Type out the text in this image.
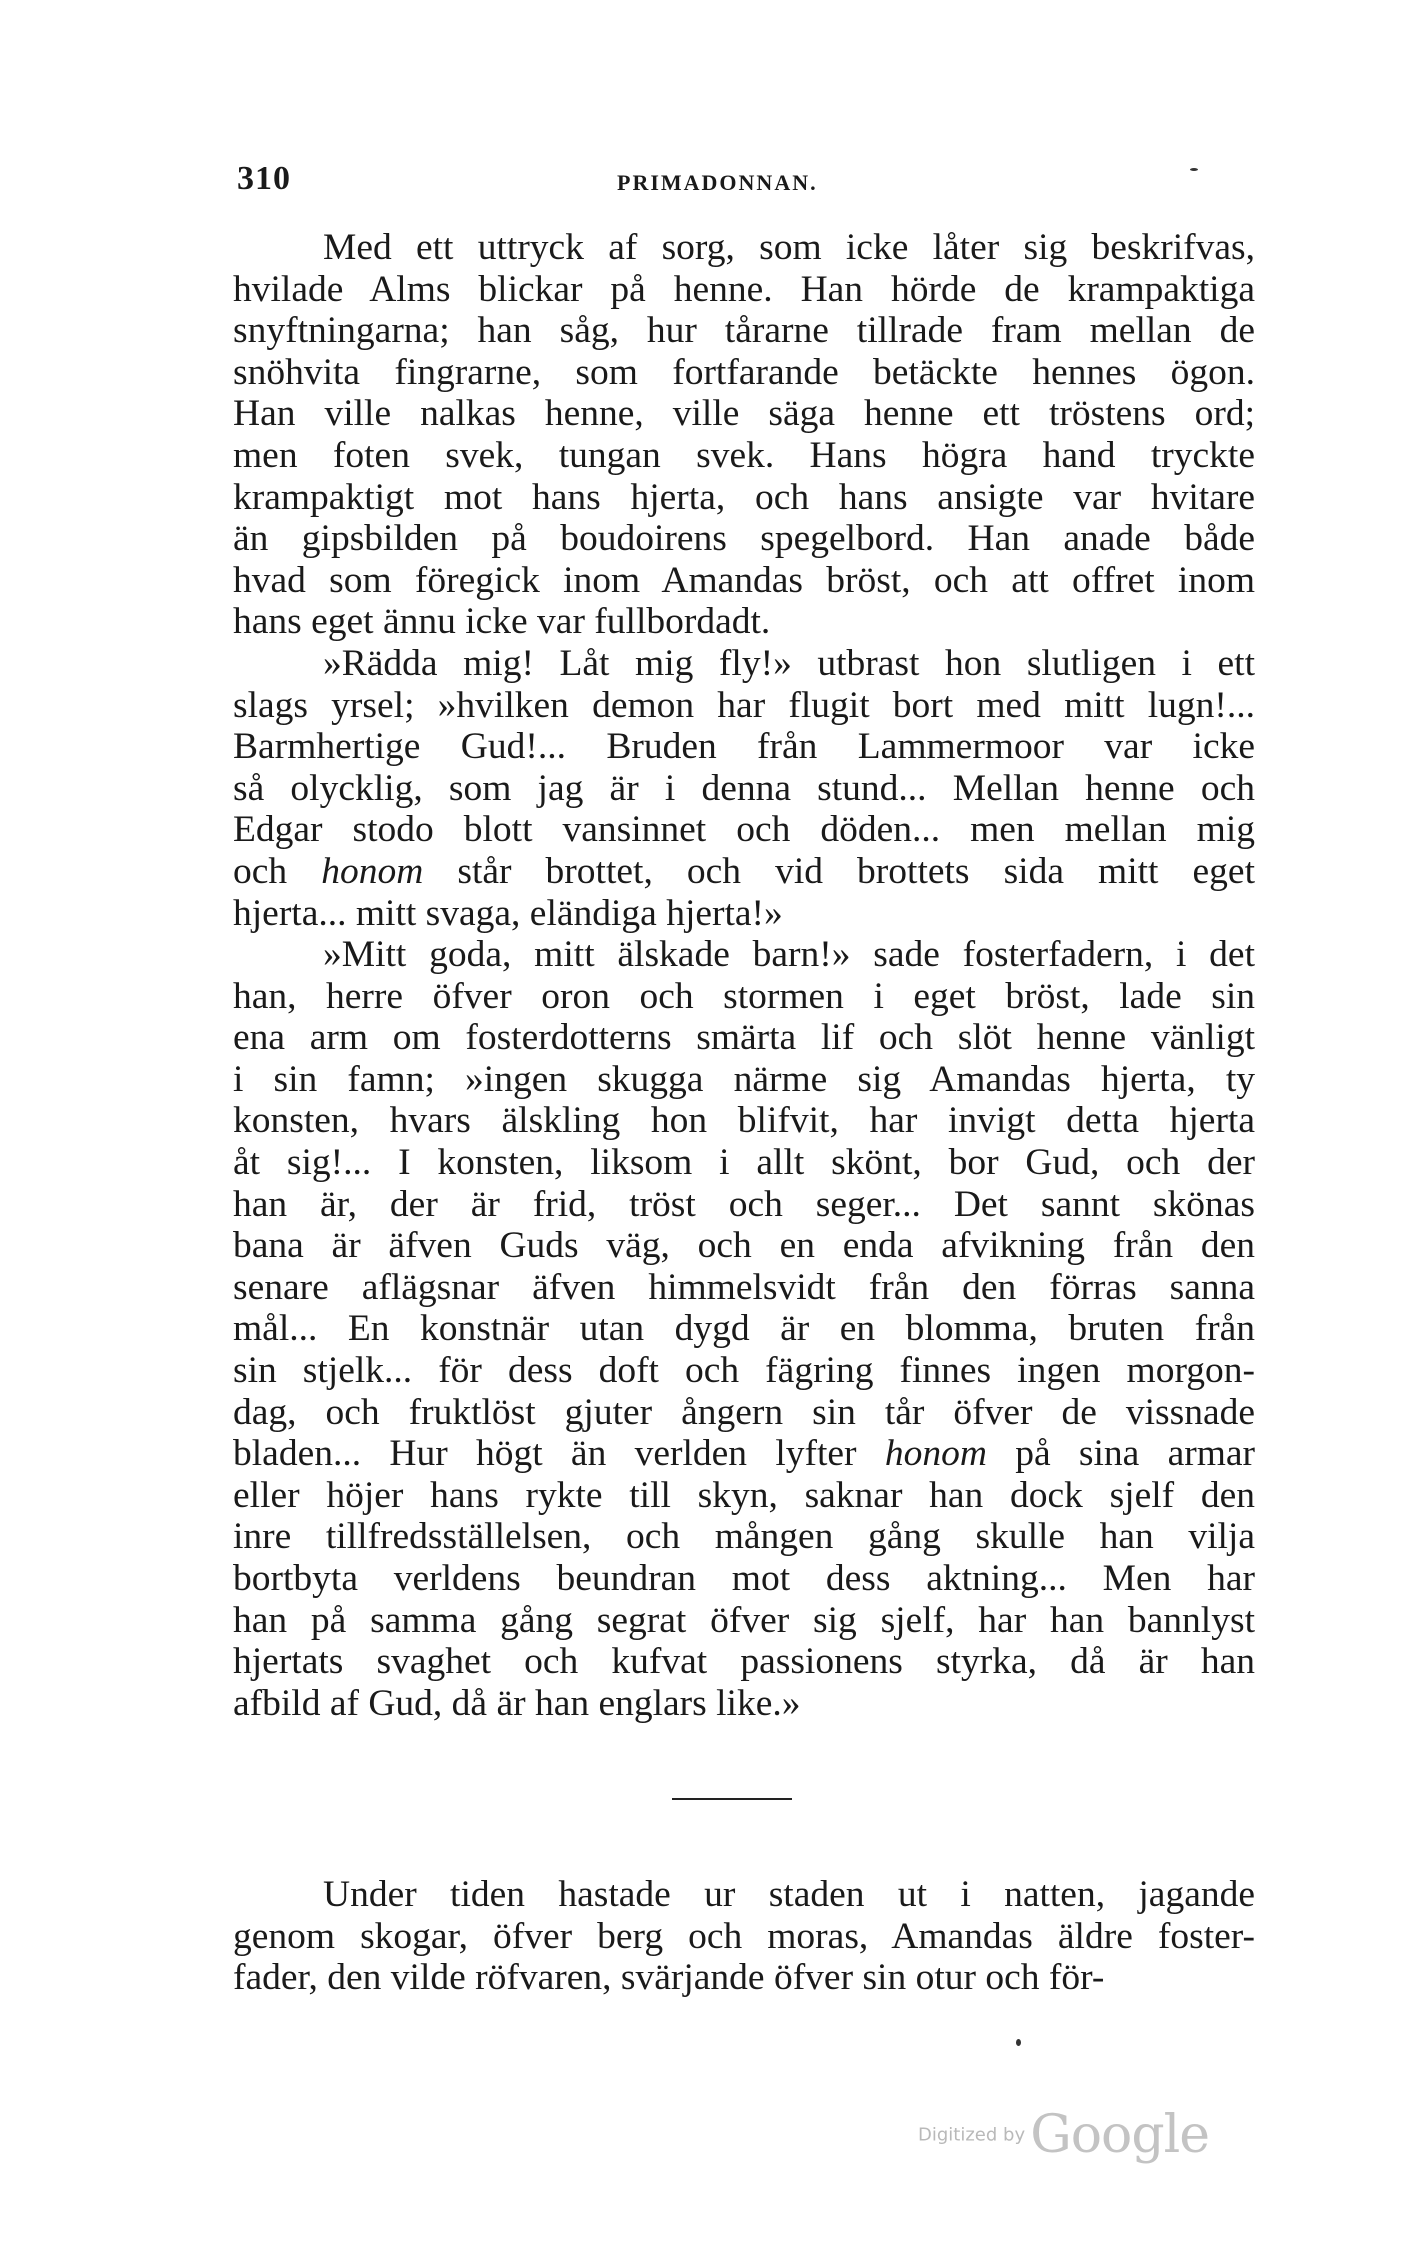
310	PRIMADONNAN.
Med ett uttryck af sorg, som icke låter sig beskrifvas,
hvilade Alms blickar på henne. Han hörde de krampaktiga
snyftningarna; han såg, hur tårarne tillrade fram mellan de
snöhvita fingrarne, som fortfarande betäckte hennes ögon.
Han ville nalkas henne, ville säga henne ett tröstens ord;
men foten svek, tungan svek. Hans högra hand tryckte
krampaktigt mot hans hjerta, och hans ansigte var hvitare
än gipsbilden på boudoirens spegelbord. Han anade både
hvad som föregick inom Amandas bröst, och att offret inom
hans eget ännu icke var fullbordadt.
»Rädda mig! Låt mig fly!» utbrast hon slutligen i ett
slags yrsel; »hvilken demon har flugit bort med mitt lugn!...
Barmhertige Gud!... Bruden från Lammermoor var icke
så olycklig, som jag är i denna stund... Mellan henne och
Edgar stodo blott vansinnet och döden... men mellan mig
och honom står brottet, och vid brottets sida mitt eget
hjerta... mitt svaga, eländiga hjerta!»
»Mitt goda, mitt älskade barn!» sade fosterfadern, i det
han, herre öfver oron och stormen i eget bröst, lade sin
ena arm om fosterdotterns smärta lif och slöt henne vänligt
i sin famn; »ingen skugga närme sig Amandas hjerta, ty
konsten, hvars älskling hon blifvit, har invigt detta hjerta
åt sig!... I konsten, liksom i allt skönt, bor Gud, och der
han är, der är frid, tröst och seger... Det sannt skönas
bana är äfven Guds väg, och en enda afvikning från den
senare aflägsnar äfven himmelsvidt från den förras sanna
mål... En konstnär utan dygd är en blomma, bruten från
sin stjelk... för dess doft och fägring finnes ingen morgon-
dag, och fruktlöst gjuter ångern sin tår öfver de vissnade
bladen... Hur högt än verlden lyfter honom på sina armar
eller höjer hans rykte till skyn, saknar han dock sjelf den
inre tillfredsställelsen, och mången gång skulle han vilja
bortbyta verldens beundran mot dess aktning... Men har
han på samma gång segrat öfver sig sjelf, har han bannlyst
hjertats svaghet och kufvat passionens styrka, då är han
afbild af Gud, då är han englars like.»
Under tiden hastade ur staden ut i natten, jagande
genom skogar, öfver berg och moras, Amandas äldre foster-
fader, den vilde röfvaren, svärjande öfver sin otur och för-
Digitized by Google
